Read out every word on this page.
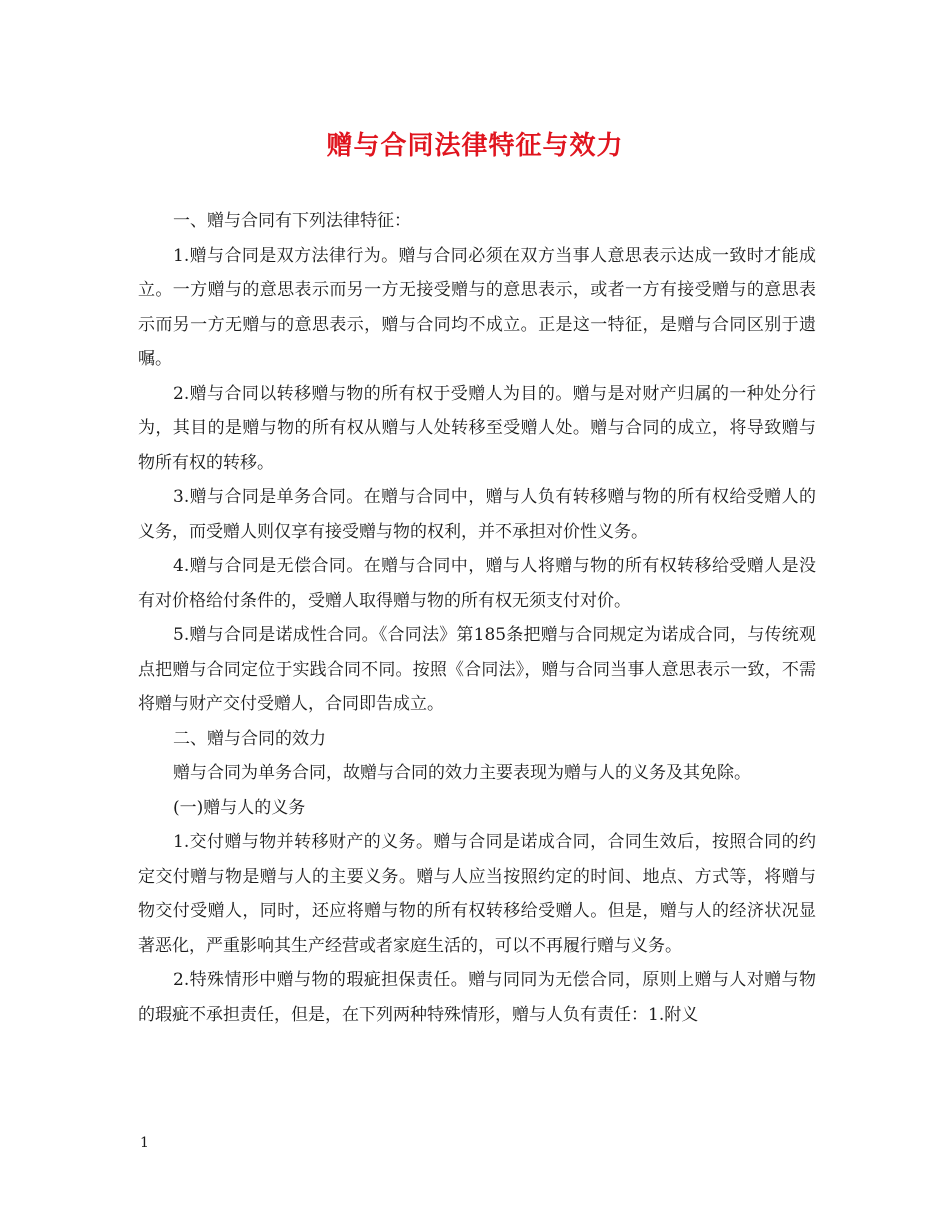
赠与合同法律特征与效力

一、赠与合同有下列法律特征：

1.赠与合同是双方法律行为。赠与合同必须在双方当事人意思表示达成一致时才能成立。一方赠与的意思表示而另一方无接受赠与的意思表示，或者一方有接受赠与的意思表示而另一方无赠与的意思表示，赠与合同均不成立。正是这一特征，是赠与合同区别于遗嘱。

2.赠与合同以转移赠与物的所有权于受赠人为目的。赠与是对财产归属的一种处分行为，其目的是赠与物的所有权从赠与人处转移至受赠人处。赠与合同的成立，将导致赠与物所有权的转移。

3.赠与合同是单务合同。在赠与合同中，赠与人负有转移赠与物的所有权给受赠人的义务，而受赠人则仅享有接受赠与物的权利，并不承担对价性义务。

4.赠与合同是无偿合同。在赠与合同中，赠与人将赠与物的所有权转移给受赠人是没有对价格给付条件的，受赠人取得赠与物的所有权无须支付对价。

5.赠与合同是诺成性合同。《合同法》第185条把赠与合同规定为诺成合同，与传统观点把赠与合同定位于实践合同不同。按照《合同法》，赠与合同当事人意思表示一致，不需将赠与财产交付受赠人，合同即告成立。

二、赠与合同的效力

赠与合同为单务合同，故赠与合同的效力主要表现为赠与人的义务及其免除。

(一)赠与人的义务

1.交付赠与物并转移财产的义务。赠与合同是诺成合同，合同生效后，按照合同的约定交付赠与物是赠与人的主要义务。赠与人应当按照约定的时间、地点、方式等，将赠与物交付受赠人，同时，还应将赠与物的所有权转移给受赠人。但是，赠与人的经济状况显著恶化，严重影响其生产经营或者家庭生活的，可以不再履行赠与义务。

2.特殊情形中赠与物的瑕疵担保责任。赠与同同为无偿合同，原则上赠与人对赠与物的瑕疵不承担责任，但是，在下列两种特殊情形，赠与人负有责任：1.附义

1
